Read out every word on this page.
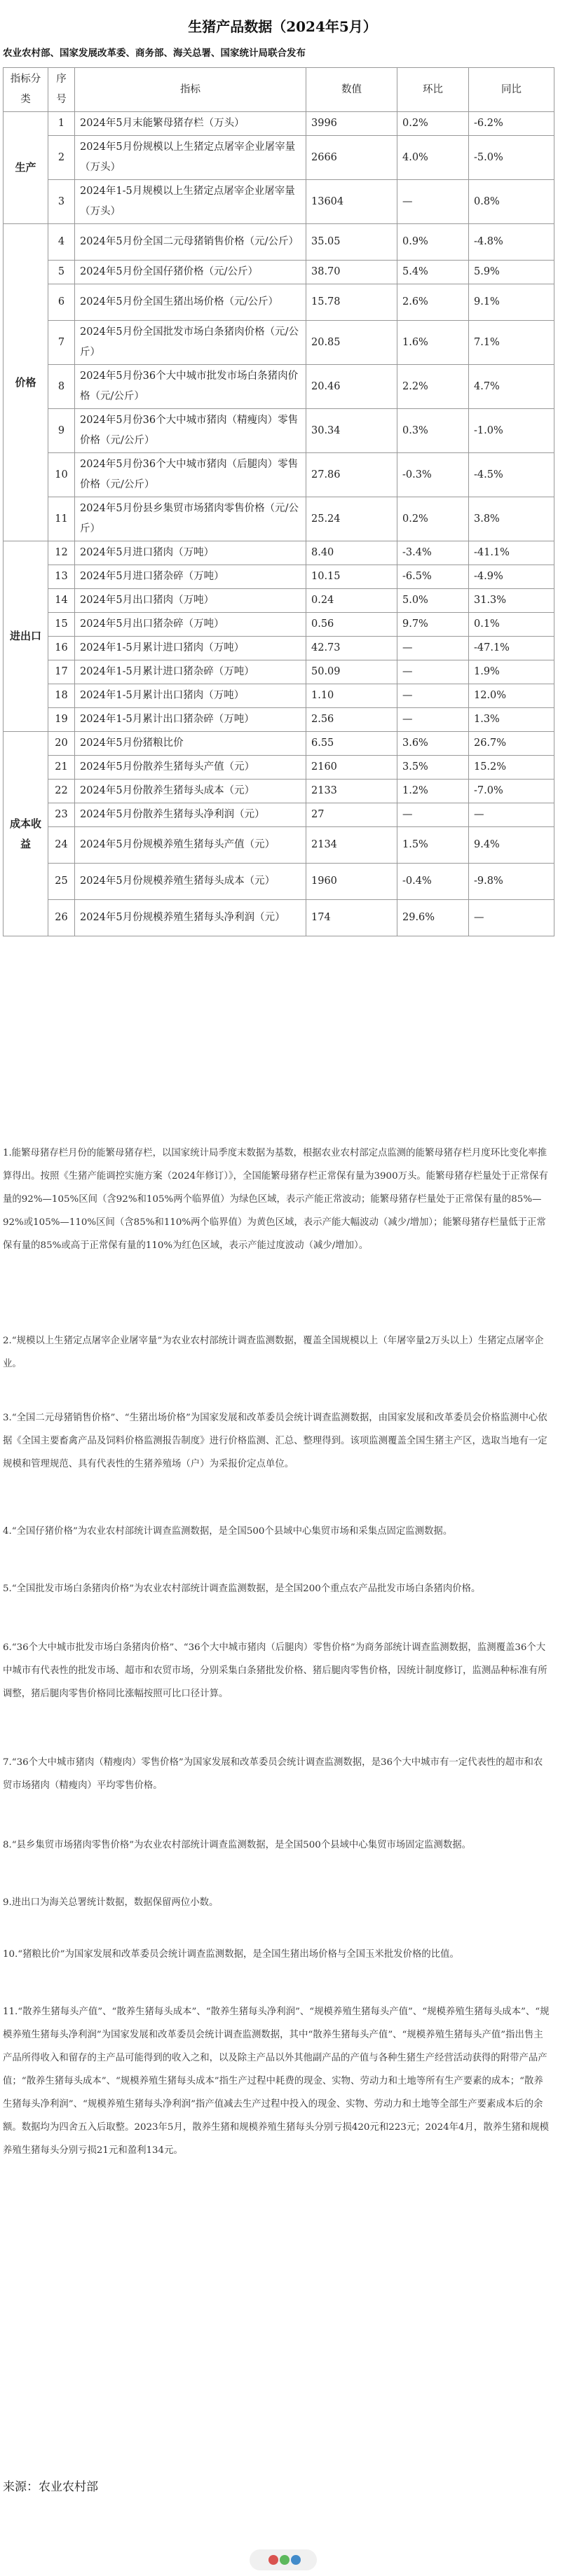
生猪产品数据（2024年5月）
农业农村部、国家发展改革委、商务部、海关总署、国家统计局联合发布
指标分类	序号	指标	数值	环比	同比
生产	1	2024年5月末能繁母猪存栏（万头）	3996	0.2%	-6.2%
	2	2024年5月份规模以上生猪定点屠宰企业屠宰量（万头）	2666	4.0%	-5.0%
	3	2024年1-5月规模以上生猪定点屠宰企业屠宰量（万头）	13604	—	0.8%
价格	4	2024年5月份全国二元母猪销售价格（元/公斤）	35.05	0.9%	-4.8%
	5	2024年5月份全国仔猪价格（元/公斤）	38.70	5.4%	5.9%
	6	2024年5月份全国生猪出场价格（元/公斤）	15.78	2.6%	9.1%
	7	2024年5月份全国批发市场白条猪肉价格（元/公斤）	20.85	1.6%	7.1%
	8	2024年5月份36个大中城市批发市场白条猪肉价格（元/公斤）	20.46	2.2%	4.7%
	9	2024年5月份36个大中城市猪肉（精瘦肉）零售价格（元/公斤）	30.34	0.3%	-1.0%
	10	2024年5月份36个大中城市猪肉（后腿肉）零售价格（元/公斤）	27.86	-0.3%	-4.5%
	11	2024年5月份县乡集贸市场猪肉零售价格（元/公斤）	25.24	0.2%	3.8%
进出口	12	2024年5月进口猪肉（万吨）	8.40	-3.4%	-41.1%
	13	2024年5月进口猪杂碎（万吨）	10.15	-6.5%	-4.9%
	14	2024年5月出口猪肉（万吨）	0.24	5.0%	31.3%
	15	2024年5月出口猪杂碎（万吨）	0.56	9.7%	0.1%
	16	2024年1-5月累计进口猪肉（万吨）	42.73	—	-47.1%
	17	2024年1-5月累计进口猪杂碎（万吨）	50.09	—	1.9%
	18	2024年1-5月累计出口猪肉（万吨）	1.10	—	12.0%
	19	2024年1-5月累计出口猪杂碎（万吨）	2.56	—	1.3%
成本收益	20	2024年5月份猪粮比价	6.55	3.6%	26.7%
	21	2024年5月份散养生猪每头产值（元）	2160	3.5%	15.2%
	22	2024年5月份散养生猪每头成本（元）	2133	1.2%	-7.0%
	23	2024年5月份散养生猪每头净利润（元）	27	—	—
	24	2024年5月份规模养殖生猪每头产值（元）	2134	1.5%	9.4%
	25	2024年5月份规模养殖生猪每头成本（元）	1960	-0.4%	-9.8%
	26	2024年5月份规模养殖生猪每头净利润（元）	174	29.6%	—
来源：农业农村部

1.能繁母猪存栏月份的能繁母猪存栏，以国家统计局季度末数据为基数，根据农业农村部定点监测的能繁母猪存栏月度环比变化率推算得出。按照《生猪产能调控实施方案（2024年修订）》，全国能繁母猪存栏正常保有量为3900万头。能繁母猪存栏量处于正常保有量的92%—105%区间（含92%和105%两个临界值）为绿色区域，表示产能正常波动；能繁母猪存栏量处于正常保有量的85%—92%或105%—110%区间（含85%和110%两个临界值）为黄色区域，表示产能大幅波动（减少/增加）；能繁母猪存栏量低于正常保有量的85%或高于正常保有量的110%为红色区域，表示产能过度波动（减少/增加）。

2.“规模以上生猪定点屠宰企业屠宰量”为农业农村部统计调查监测数据，覆盖全国规模以上（年屠宰量2万头以上）生猪定点屠宰企业。

3.“全国二元母猪销售价格”、“生猪出场价格”为国家发展和改革委员会统计调查监测数据，由国家发展和改革委员会价格监测中心依据《全国主要畜禽产品及饲料价格监测报告制度》进行价格监测、汇总、整理得到。该项监测覆盖全国生猪主产区，选取当地有一定规模和管理规范、具有代表性的生猪养殖场（户）为采报价定点单位。

4.“全国仔猪价格”为农业农村部统计调查监测数据，是全国500个县域中心集贸市场和采集点固定监测数据。

5.“全国批发市场白条猪肉价格”为农业农村部统计调查监测数据，是全国200个重点农产品批发市场白条猪肉价格。

6.“36个大中城市批发市场白条猪肉价格”、“36个大中城市猪肉（后腿肉）零售价格”为商务部统计调查监测数据，监测覆盖36个大中城市有代表性的批发市场、超市和农贸市场，分别采集白条猪批发价格、猪后腿肉零售价格，因统计制度修订，监测品种标准有所调整，猪后腿肉零售价格同比涨幅按照可比口径计算。

7.“36个大中城市猪肉（精瘦肉）零售价格”为国家发展和改革委员会统计调查监测数据，是36个大中城市有一定代表性的超市和农贸市场猪肉（精瘦肉）平均零售价格。

8.“县乡集贸市场猪肉零售价格”为农业农村部统计调查监测数据，是全国500个县域中心集贸市场固定监测数据。

9.进出口为海关总署统计数据，数据保留两位小数。

10.“猪粮比价”为国家发展和改革委员会统计调查监测数据，是全国生猪出场价格与全国玉米批发价格的比值。

11.“散养生猪每头产值”、“散养生猪每头成本”、“散养生猪每头净利润”、“规模养殖生猪每头产值”、“规模养殖生猪每头成本”、“规模养殖生猪每头净利润”为国家发展和改革委员会统计调查监测数据，其中“散养生猪每头产值”、“规模养殖生猪每头产值”指出售主产品所得收入和留存的主产品可能得到的收入之和，以及除主产品以外其他副产品的产值与各种生猪生产经营活动获得的附带产品产值；“散养生猪每头成本”、“规模养殖生猪每头成本”指生产过程中耗费的现金、实物、劳动力和土地等所有生产要素的成本；“散养生猪每头净利润”、“规模养殖生猪每头净利润”指产值减去生产过程中投入的现金、实物、劳动力和土地等全部生产要素成本后的余额。数据均为四舍五入后取整。2023年5月，散养生猪和规模养殖生猪每头分别亏损420元和223元；2024年4月，散养生猪和规模养殖生猪每头分别亏损21元和盈利134元。
